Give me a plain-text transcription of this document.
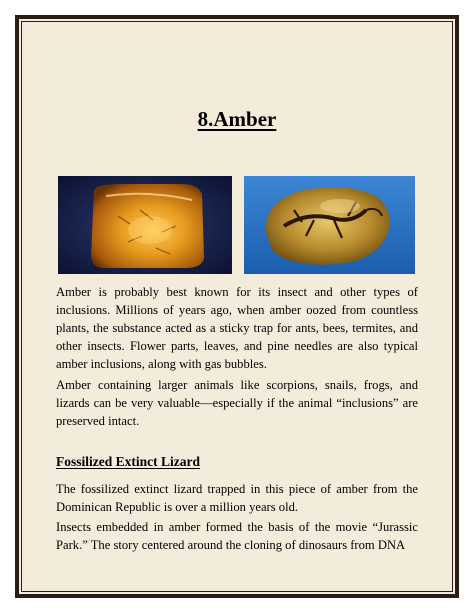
8.Amber

Amber is probably best known for its insect and other types of inclusions. Millions of years ago, when amber oozed from countless plants, the substance acted as a sticky trap for ants, bees, termites, and other insects. Flower parts, leaves, and pine needles are also typical amber inclusions, along with gas bubbles.

Amber containing larger animals like scorpions, snails, frogs, and lizards can be very valuable—especially if the animal “inclusions” are preserved intact.

Fossilized Extinct Lizard

The fossilized extinct lizard trapped in this piece of amber from the Dominican Republic is over a million years old.

Insects embedded in amber formed the basis of the movie “Jurassic Park.” The story centered around the cloning of dinosaurs from DNA
